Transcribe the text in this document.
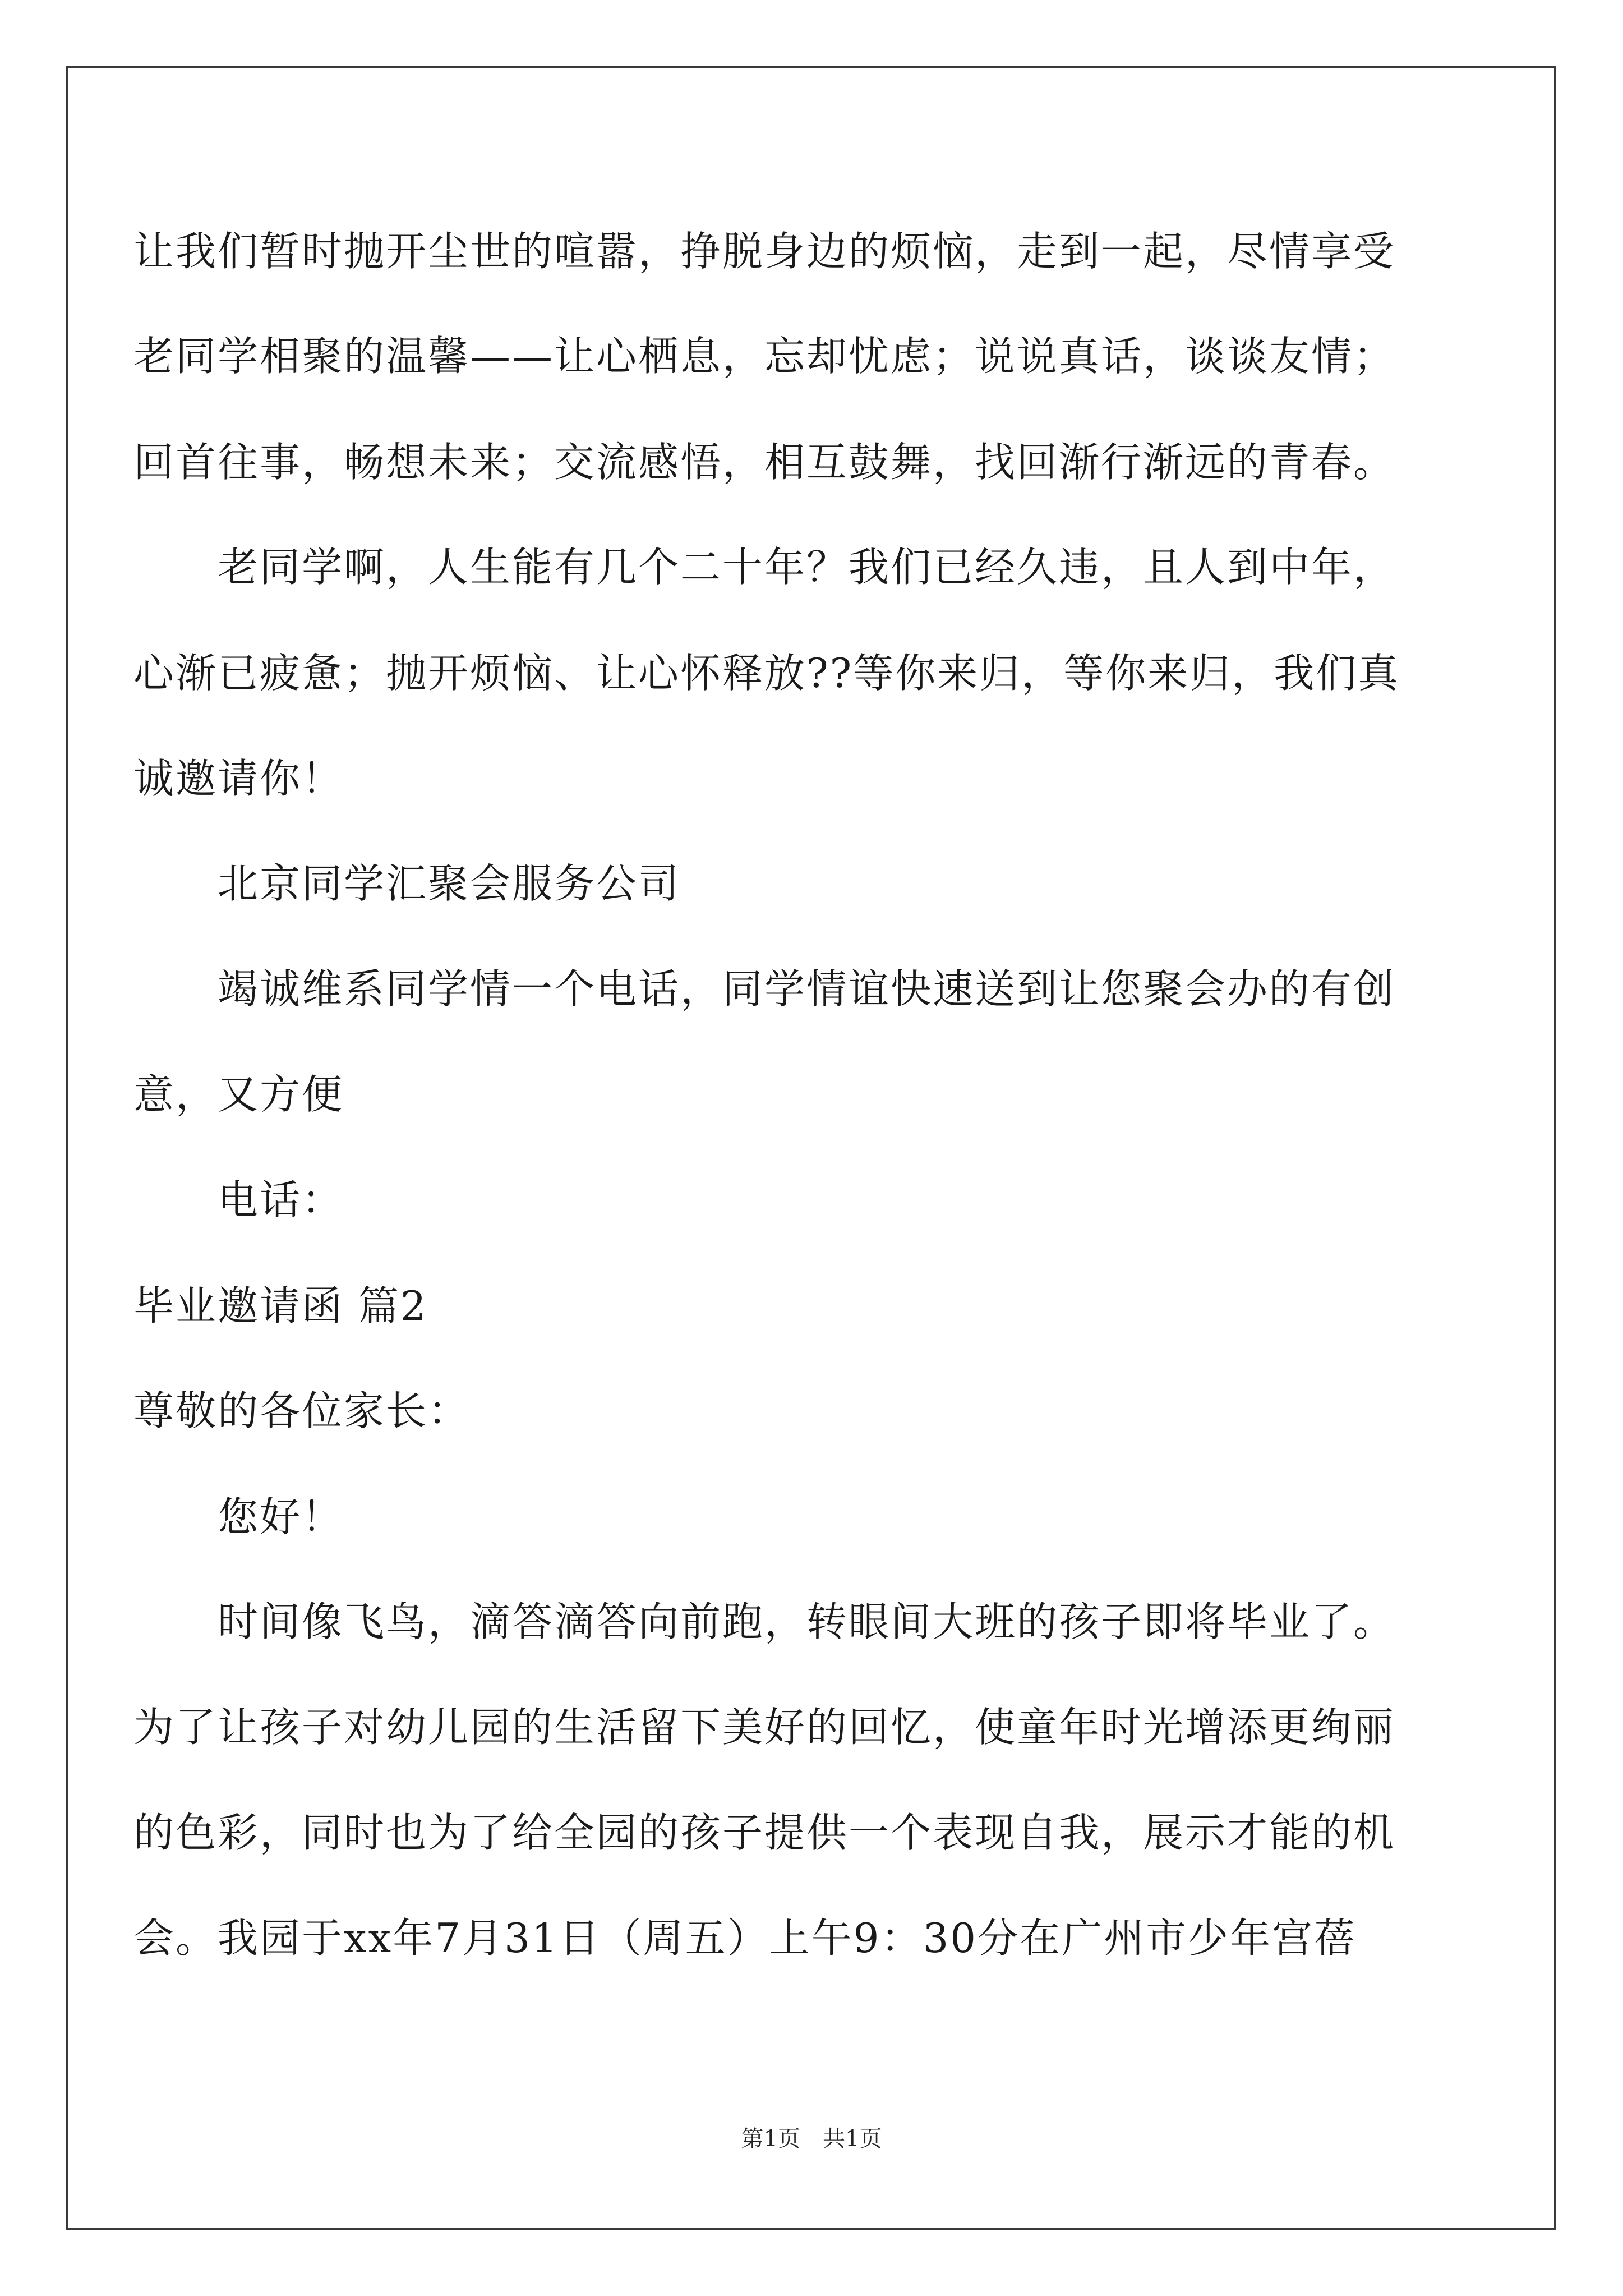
让我们暂时抛开尘世的喧嚣，挣脱身边的烦恼，走到一起，尽情享受
老同学相聚的温馨——让心栖息，忘却忧虑；说说真话，谈谈友情；
回首往事，畅想未来；交流感悟，相互鼓舞，找回渐行渐远的青春。
老同学啊，人生能有几个二十年？我们已经久违，且人到中年，
心渐已疲惫；抛开烦恼、让心怀释放??等你来归，等你来归，我们真
诚邀请你！
北京同学汇聚会服务公司
竭诚维系同学情一个电话，同学情谊快速送到让您聚会办的有创
意，又方便
电话：
毕业邀请函 篇2
尊敬的各位家长：
您好！
时间像飞鸟，滴答滴答向前跑，转眼间大班的孩子即将毕业了。
为了让孩子对幼儿园的生活留下美好的回忆，使童年时光增添更绚丽
的色彩，同时也为了给全园的孩子提供一个表现自我，展示才能的机
会。我园于xx年7月31日（周五）上午9：30分在广州市少年宫蓓
第1页 共1页
